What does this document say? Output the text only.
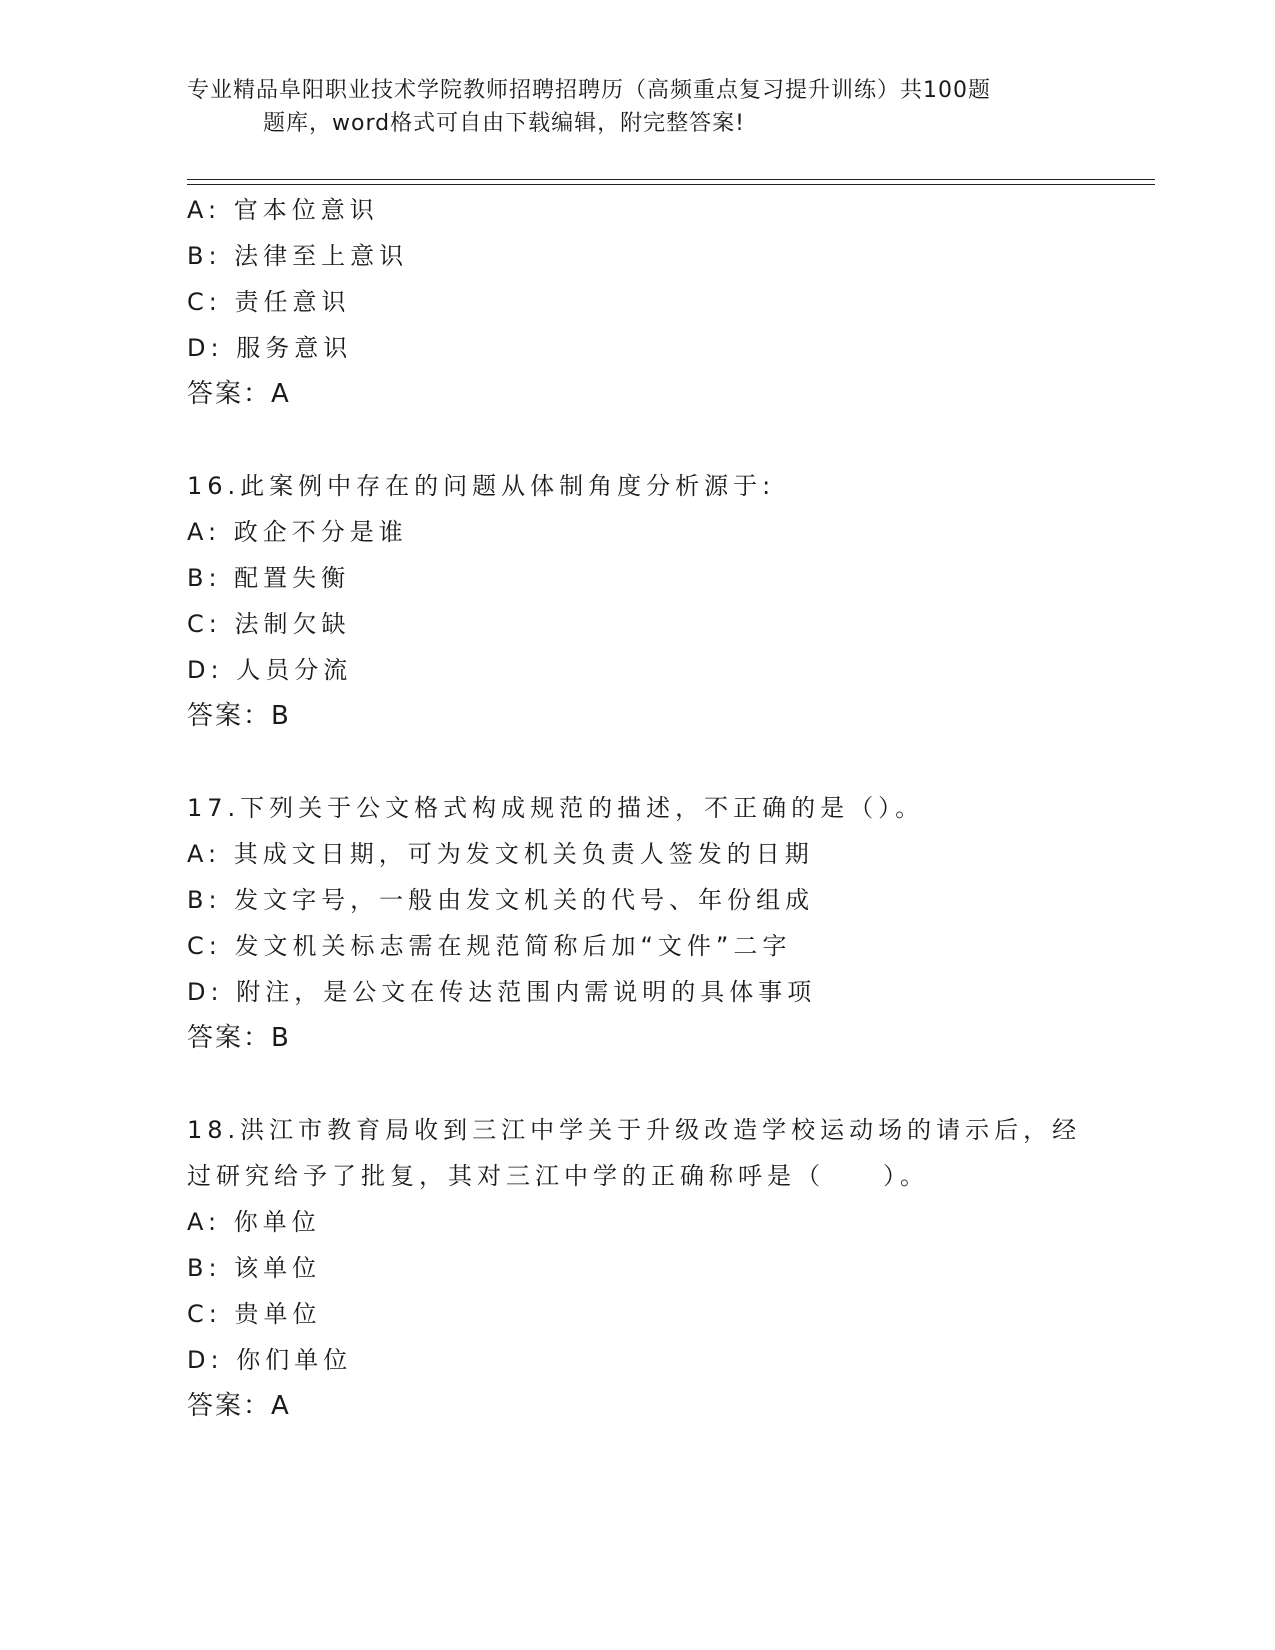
专业精品阜阳职业技术学院教师招聘招聘历（高频重点复习提升训练）共100题
题库，word格式可自由下载编辑，附完整答案!
A: 官本位意识
B: 法律至上意识
C: 责任意识
D: 服务意识
答案：A
16.此案例中存在的问题从体制角度分析源于:
A: 政企不分是谁
B: 配置失衡
C: 法制欠缺
D: 人员分流
答案：B
17.下列关于公文格式构成规范的描述，不正确的是（）。
A: 其成文日期，可为发文机关负责人签发的日期
B: 发文字号，一般由发文机关的代号、年份组成
C: 发文机关标志需在规范简称后加“文件”二字
D: 附注，是公文在传达范围内需说明的具体事项
答案：B
18.洪江市教育局收到三江中学关于升级改造学校运动场的请示后，经
过研究给予了批复，其对三江中学的正确称呼是（　　）。
A: 你单位
B: 该单位
C: 贵单位
D: 你们单位
答案：A
